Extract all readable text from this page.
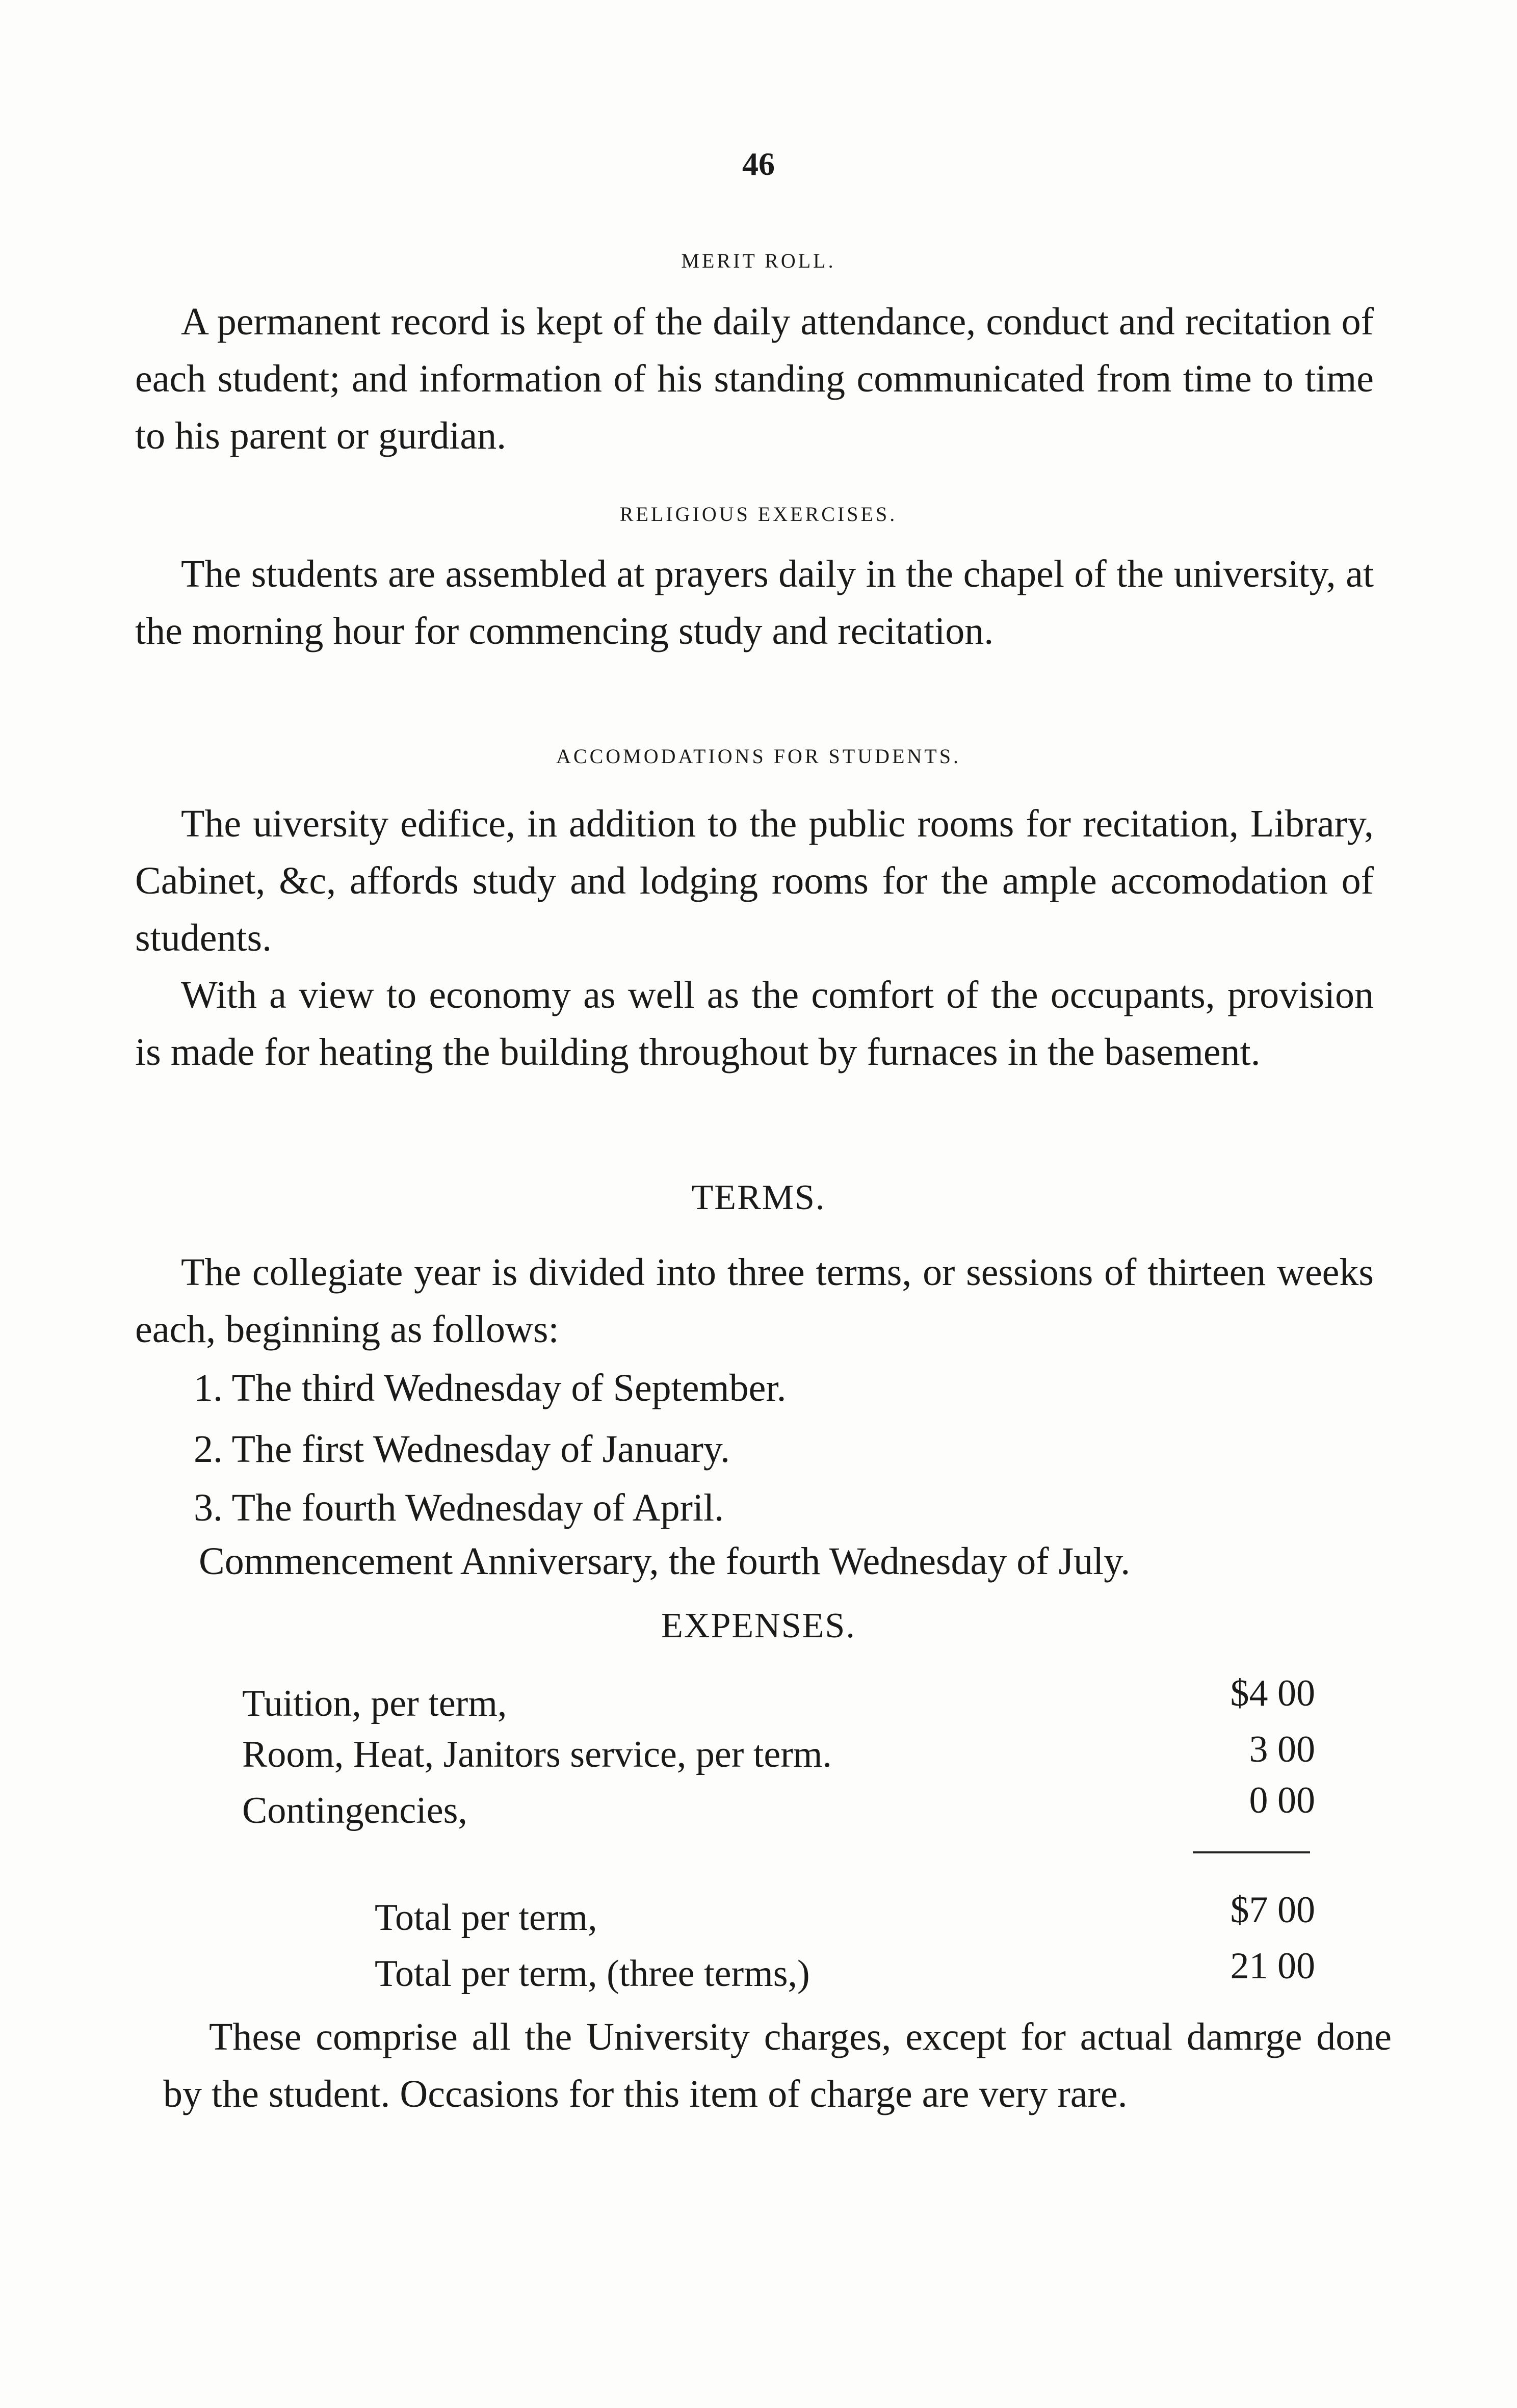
46
MERIT ROLL.

A permanent record is kept of the daily attendance, conduct and recitation of each student; and information of his standing communicated from time to time to his parent or gurdian.

RELIGIOUS EXERCISES.

The students are assembled at prayers daily in the chapel of the university, at the morning hour for commencing study and recitation.

ACCOMODATIONS FOR STUDENTS.

The uiversity edifice, in addition to the public rooms for recitation, Library, Cabinet, &c, affords study and lodging rooms for the ample accomodation of students.

With a view to economy as well as the comfort of the occupants, provision is made for heating the building throughout by furnaces in the basement.

TERMS.

The collegiate year is divided into three terms, or sessions of thirteen weeks each, beginning as follows:

1. The third Wednesday of September.
2. The first Wednesday of January.
3. The fourth Wednesday of April.
Commencement Anniversary, the fourth Wednesday of July.
EXPENSES.
Tuition, per term,	$4 00
Room, Heat, Janitors service, per term.	3 00
Contingencies,	0 00
Total per term,	$7 00
Total per term, (three terms,)	21 00

These comprise all the University charges, except for actual damrge done by the student. Occasions for this item of charge are very rare.
